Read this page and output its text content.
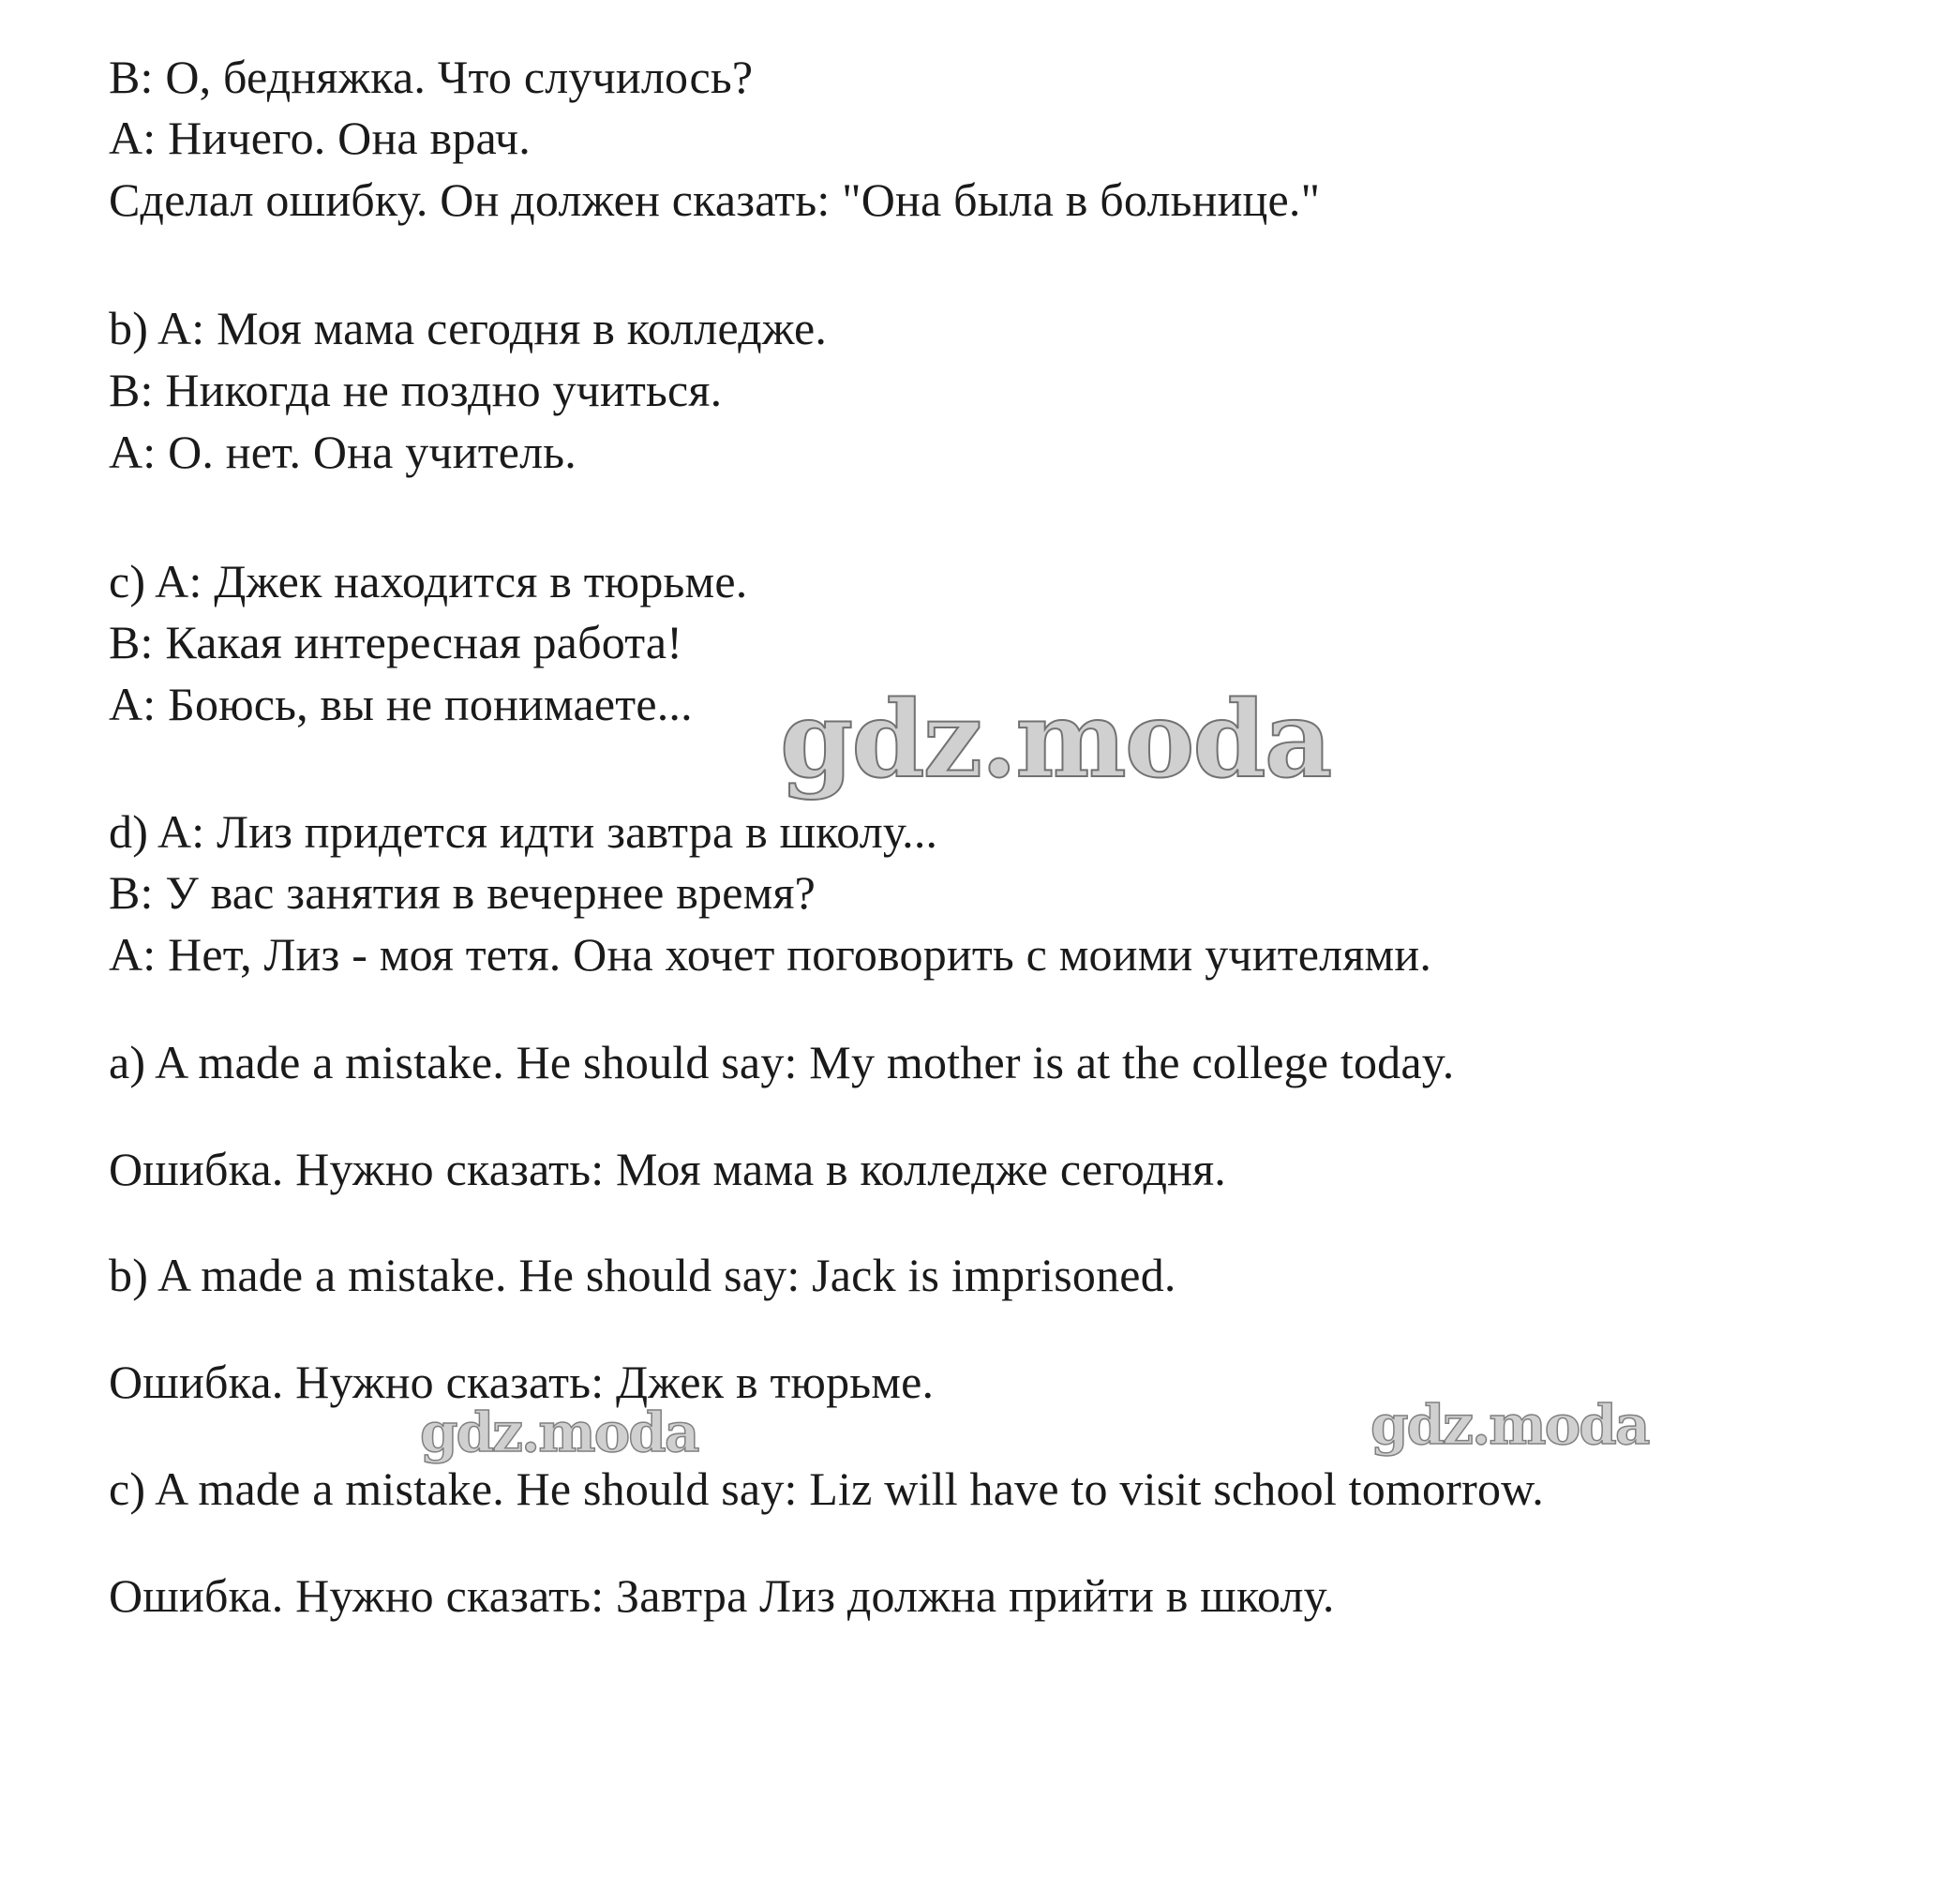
B: О, бедняжка. Что случилось?
A: Ничего. Она врач.
Сделал ошибку. Он должен сказать: "Она была в больнице."
b) A: Моя мама сегодня в колледже.
B: Никогда не поздно учиться.
A: О. нет. Она учитель.
c) A: Джек находится в тюрьме.
B: Какая интересная работа!
A: Боюсь, вы не понимаете...
d) A: Лиз придется идти завтра в школу...
B: У вас занятия в вечернее время?
A: Нет, Лиз - моя тетя. Она хочет поговорить с моими учителями.
a) A made a mistake. He should say: My mother is at the college today.
Ошибка. Нужно сказать: Моя мама в колледже сегодня.
b) A made a mistake. He should say: Jack is imprisoned.
Ошибка. Нужно сказать: Джек в тюрьме.
c) A made a mistake. He should say: Liz will have to visit school tomorrow.
Ошибка. Нужно сказать: Завтра Лиз должна прийти в школу.
gdz.moda
gdz.moda	gdz.moda
